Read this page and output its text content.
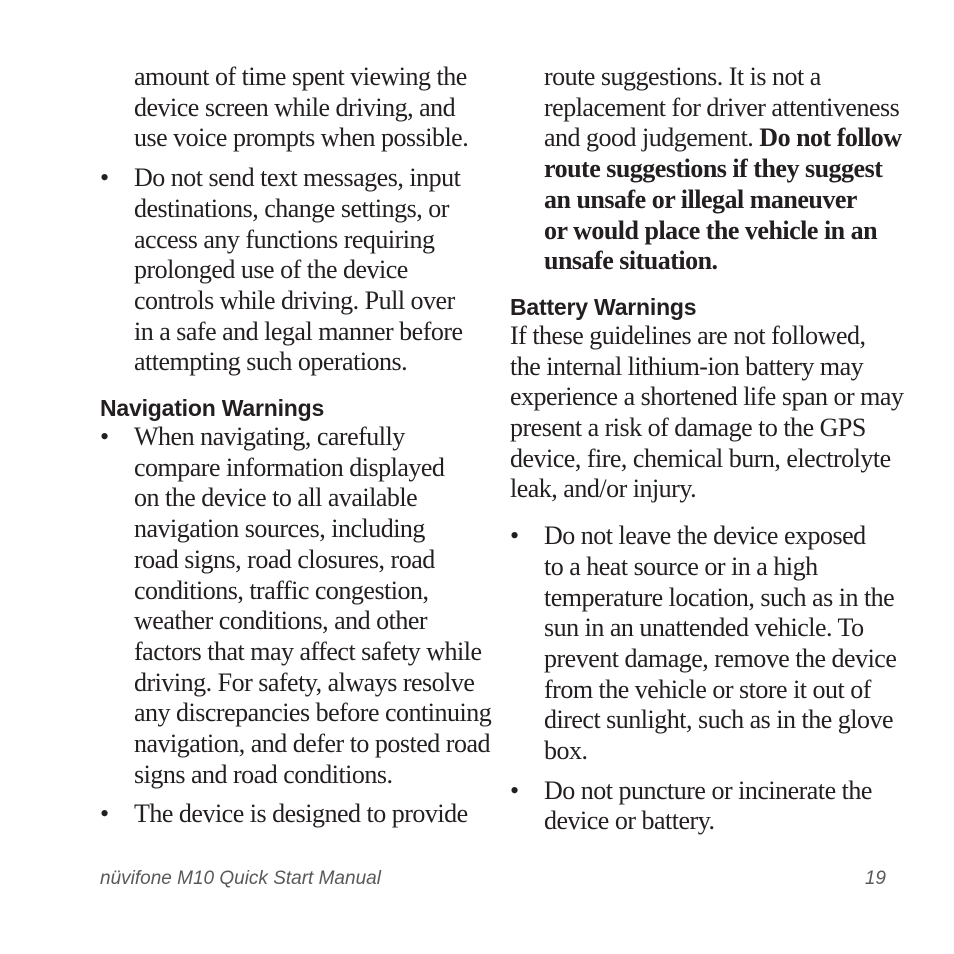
amount of time spent viewing the
device screen while driving, and
use voice prompts when possible.
• Do not send text messages, input
destinations, change settings, or
access any functions requiring
prolonged use of the device
controls while driving. Pull over
in a safe and legal manner before
attempting such operations.
Navigation Warnings
• When navigating, carefully
compare information displayed
on the device to all available
navigation sources, including
road signs, road closures, road
conditions, traffic congestion,
weather conditions, and other
factors that may affect safety while
driving. For safety, always resolve
any discrepancies before continuing
navigation, and defer to posted road
signs and road conditions.
• The device is designed to provide
route suggestions. It is not a
replacement for driver attentiveness
and good judgement. Do not follow
route suggestions if they suggest
an unsafe or illegal maneuver
or would place the vehicle in an
unsafe situation.
Battery Warnings
If these guidelines are not followed,
the internal lithium-ion battery may
experience a shortened life span or may
present a risk of damage to the GPS
device, fire, chemical burn, electrolyte
leak, and/or injury.
• Do not leave the device exposed
to a heat source or in a high
temperature location, such as in the
sun in an unattended vehicle. To
prevent damage, remove the device
from the vehicle or store it out of
direct sunlight, such as in the glove
box.
• Do not puncture or incinerate the
device or battery.
nüvifone M10 Quick Start Manual	19
